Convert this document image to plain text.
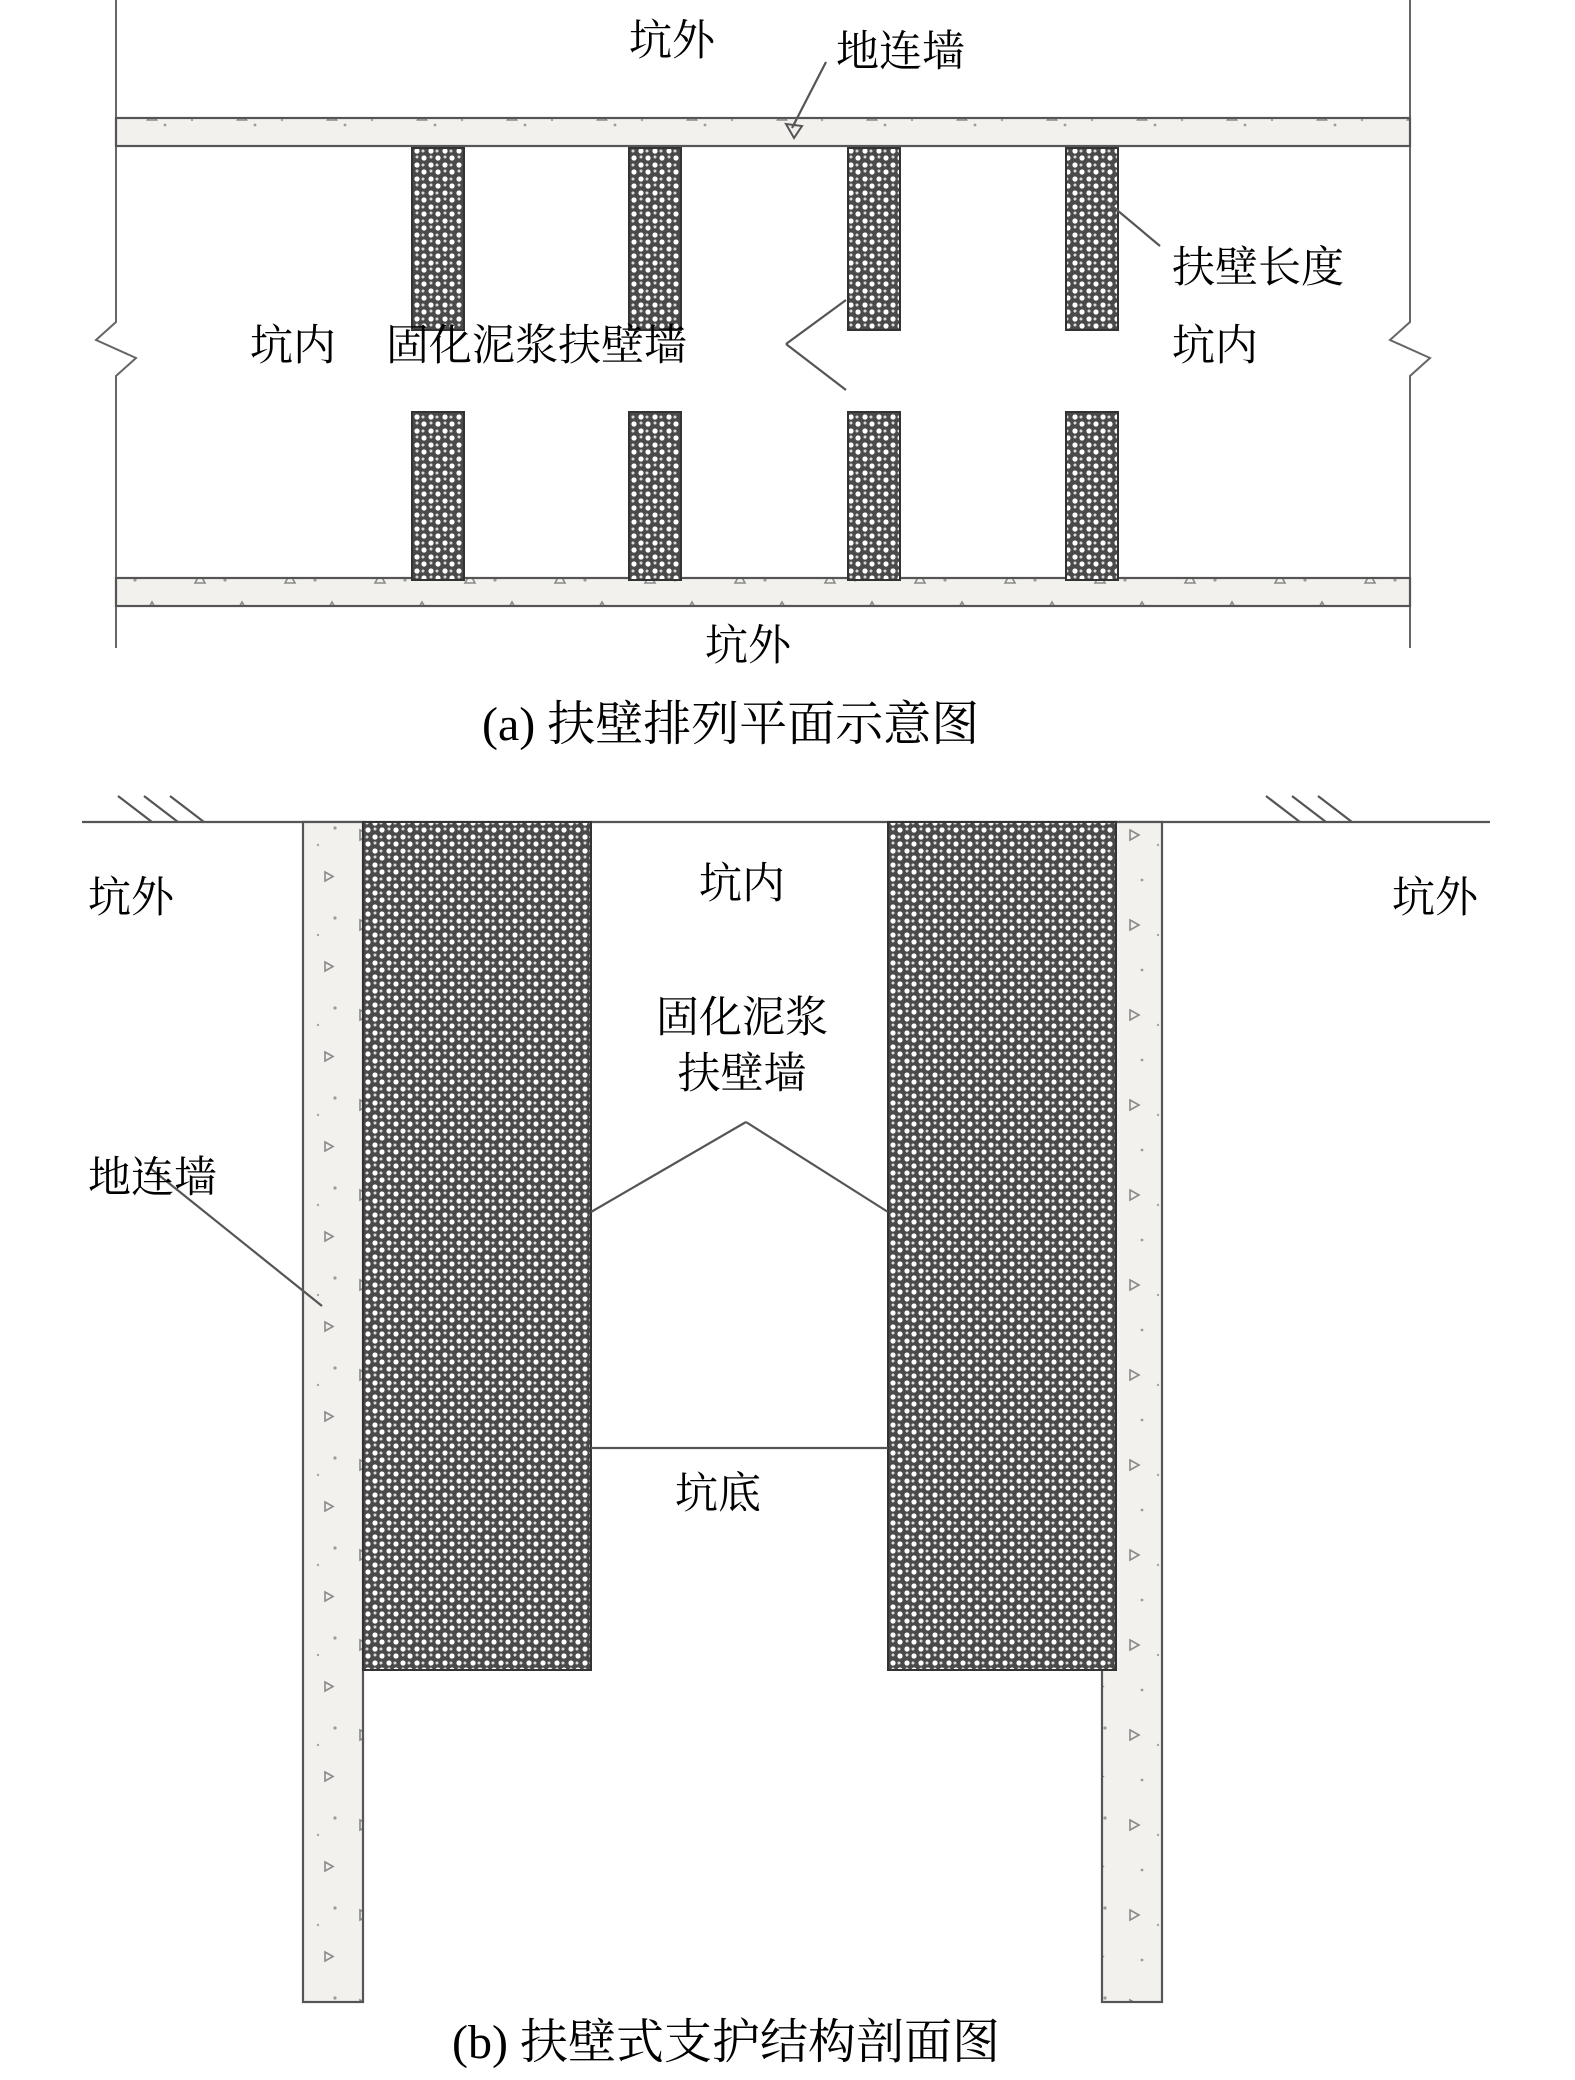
坑外	地连墙
扶壁长度
坑内 固化泥浆扶壁墙	坑内
坑外
(a) 扶壁排列平面示意图
坑外	坑外
坑内
固化泥浆
扶壁墙
地连墙
坑底
(b) 扶壁式支护结构剖面图
